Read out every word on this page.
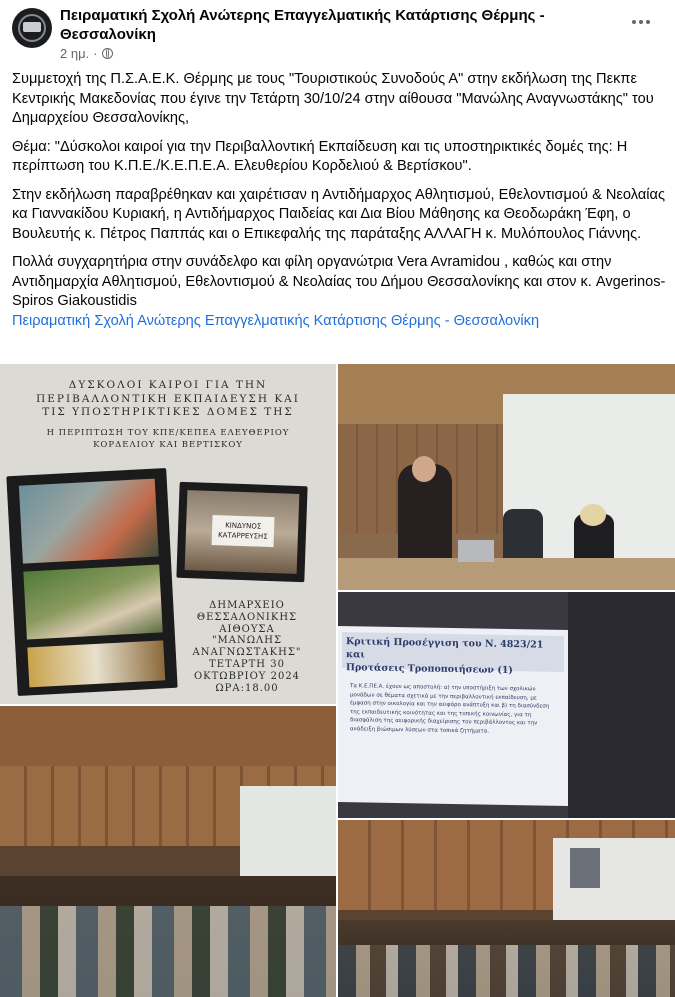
Πειραματική Σχολή Ανώτερης Επαγγελματικής Κατάρτισης Θέρμης - Θεσσαλονίκη
2 ημ. ·

Συμμετοχή της Π.Σ.Α.Ε.Κ. Θέρμης με τους "Τουριστικούς Συνοδούς Α" στην εκδήλωση της Πεκπε Κεντρικής Μακεδονίας που έγινε την Τετάρτη 30/10/24 στην αίθουσα "Μανώλης Αναγνωστάκης" του Δημαρχείου Θεσσαλονίκης,

Θέμα: "Δύσκολοι καιροί για την Περιβαλλοντική Εκπαίδευση και τις υποστηρικτικές δομές της: Η περίπτωση του Κ.Π.Ε./Κ.Ε.Π.Ε.Α. Ελευθερίου Κορδελιού & Βερτίσκου".

Στην εκδήλωση παραβρέθηκαν και χαιρέτισαν η Αντιδήμαρχος Αθλητισμού, Εθελοντισμού & Νεολαίας κα Γιαννακίδου Κυριακή, η Αντιδήμαρχος Παιδείας και Δια Βίου Μάθησης κα Θεοδωράκη Έφη, ο Βουλευτής κ. Πέτρος Παππάς και ο Επικεφαλής της παράταξης ΑΛΛΑΓΗ κ. Μυλόπουλος Γιάννης.

Πολλά συγχαρητήρια στην συνάδελφο και φίλη οργανώτρια Vera Avramidou , καθώς και στην Αντιδημαρχία Αθλητισμού, Εθελοντισμού & Νεολαίας του Δήμου Θεσσαλονίκης και στον κ. Avgerinos-Spiros Giakoustidis

Πειραματική Σχολή Ανώτερης Επαγγελματικής Κατάρτισης Θέρμης - Θεσσαλονίκη

ΔΥΣΚΟΛΟΙ ΚΑΙΡΟΙ ΓΙΑ ΤΗΝ
ΠΕΡΙΒΑΛΛΟΝΤΙΚΗ ΕΚΠΑΙΔΕΥΣΗ ΚΑΙ
ΤΙΣ ΥΠΟΣΤΗΡΙΚΤΙΚΕΣ ΔΟΜΕΣ ΤΗΣ
Η ΠΕΡΙΠΤΩΣΗ ΤΟΥ ΚΠΕ/ΚΕΠΕΑ ΕΛΕΥΘΕΡΙΟΥ
ΚΟΡΔΕΛΙΟΥ ΚΑΙ ΒΕΡΤΙΣΚΟΥ
ΚΙΝΔΥΝΟΣ
ΚΑΤΑΡΡΕΥΣΗΣ
ΔΗΜΑΡΧΕΙΟ
ΘΕΣΣΑΛΟΝΙΚΗΣ
ΑΙΘΟΥΣΑ
"ΜΑΝΩΛΗΣ
ΑΝΑΓΝΩΣΤΑΚΗΣ"
ΤΕΤΑΡΤΗ 30
ΟΚΤΩΒΡΙΟΥ 2024
ΩΡΑ:18.00
Κριτική Προσέγγιση του Ν. 4823/21 και
Προτάσεις Τροποποιήσεων (1)
Τα Κ.Ε.ΠΕ.Α. έχουν ως αποστολή: α) την υποστήριξη των σχολικών μονάδων σε θέματα σχετικά με την περιβαλλοντική εκπαίδευση, με έμφαση στην οικολογία και την αειφόρο ανάπτυξη και β) τη διασύνδεση της εκπαιδευτικής κοινότητας και της τοπικής κοινωνίας, για τη διασφάλιση της αειφορικής διαχείρισης του περιβάλλοντος και την ανάδειξη βιώσιμων λύσεων στα τοπικά ζητήματα.
